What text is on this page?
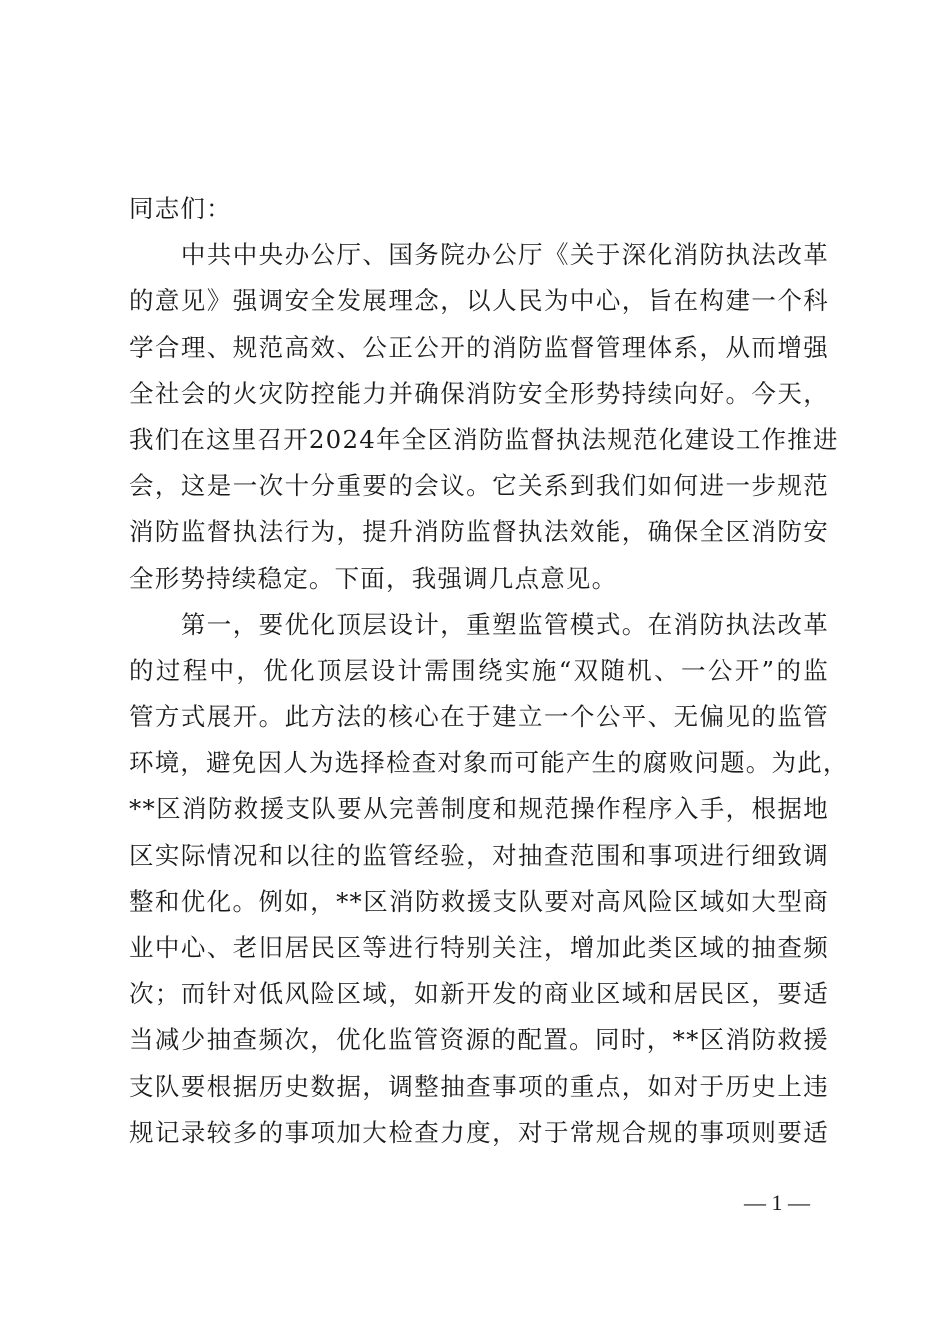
同志们：
　　中共中央办公厅、国务院办公厅《关于深化消防执法改革
的意见》强调安全发展理念，以人民为中心，旨在构建一个科
学合理、规范高效、公正公开的消防监督管理体系，从而增强
全社会的火灾防控能力并确保消防安全形势持续向好。今天，
我们在这里召开2024年全区消防监督执法规范化建设工作推进
会，这是一次十分重要的会议。它关系到我们如何进一步规范
消防监督执法行为，提升消防监督执法效能，确保全区消防安
全形势持续稳定。下面，我强调几点意见。
　　第一，要优化顶层设计，重塑监管模式。在消防执法改革
的过程中，优化顶层设计需围绕实施“双随机、一公开”的监
管方式展开。此方法的核心在于建立一个公平、无偏见的监管
环境，避免因人为选择检查对象而可能产生的腐败问题。为此，
**区消防救援支队要从完善制度和规范操作程序入手，根据地
区实际情况和以往的监管经验，对抽查范围和事项进行细致调
整和优化。例如，**区消防救援支队要对高风险区域如大型商
业中心、老旧居民区等进行特别关注，增加此类区域的抽查频
次；而针对低风险区域，如新开发的商业区域和居民区，要适
当减少抽查频次，优化监管资源的配置。同时，**区消防救援
支队要根据历史数据，调整抽查事项的重点，如对于历史上违
规记录较多的事项加大检查力度，对于常规合规的事项则要适
— 1 —
